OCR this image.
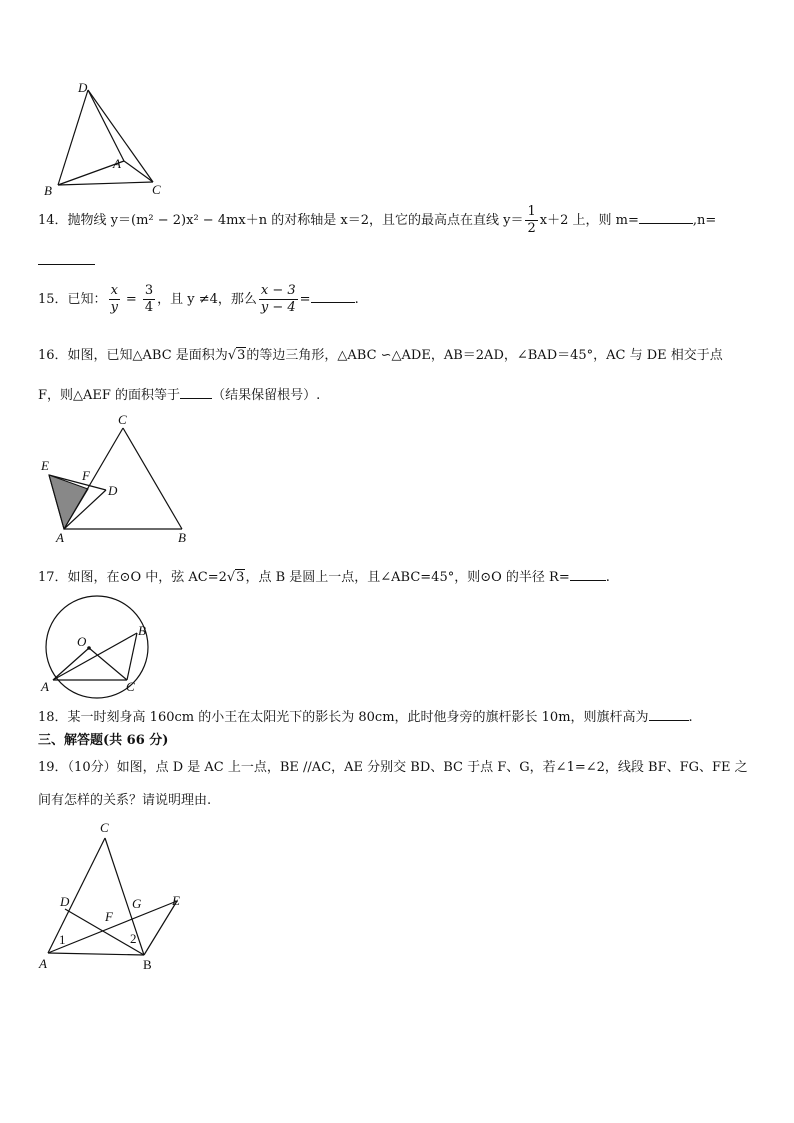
D
A
B	C
14．抛物线 y＝(m² − 2)x² − 4mx＋n 的对称轴是 x＝2，且它的最高点在直线 $y= \frac{1}{2} x+2$ 上，则 m=	,n=
15．已知： $\frac{x}{y} = \frac{3}{4}$ ，且 y ≠4，那么 $\frac{x - 3}{y - 4}$ =	.
16．如图，已知△ABC 是面积为√3的等边三角形，△ABC ∽△ADE，AB＝2AD，∠BAD＝45°，AC 与 DE 相交于点
F，则△AEF 的面积等于 （结果保留根号）.
C
E
F
D
A	B
17．如图，在⊙O 中，弦 AC=2√3，点 B 是圆上一点，且∠ABC=45°，则⊙O 的半径 R=	.
O
A
B
C
18．某一时刻身高 160cm 的小王在太阳光下的影长为 80cm，此时他身旁的旗杆影长 10m，则旗杆高为	.
三、解答题(共 66 分)
19．（10分）如图，点 D 是 AC 上一点，BE //AC，AE 分别交 BD、BC 于点 F、G，若∠1=∠2，线段 BF、FG、FE 之
间有怎样的关系？请说明理由.
C
D
F
G E
1	2
A	B
